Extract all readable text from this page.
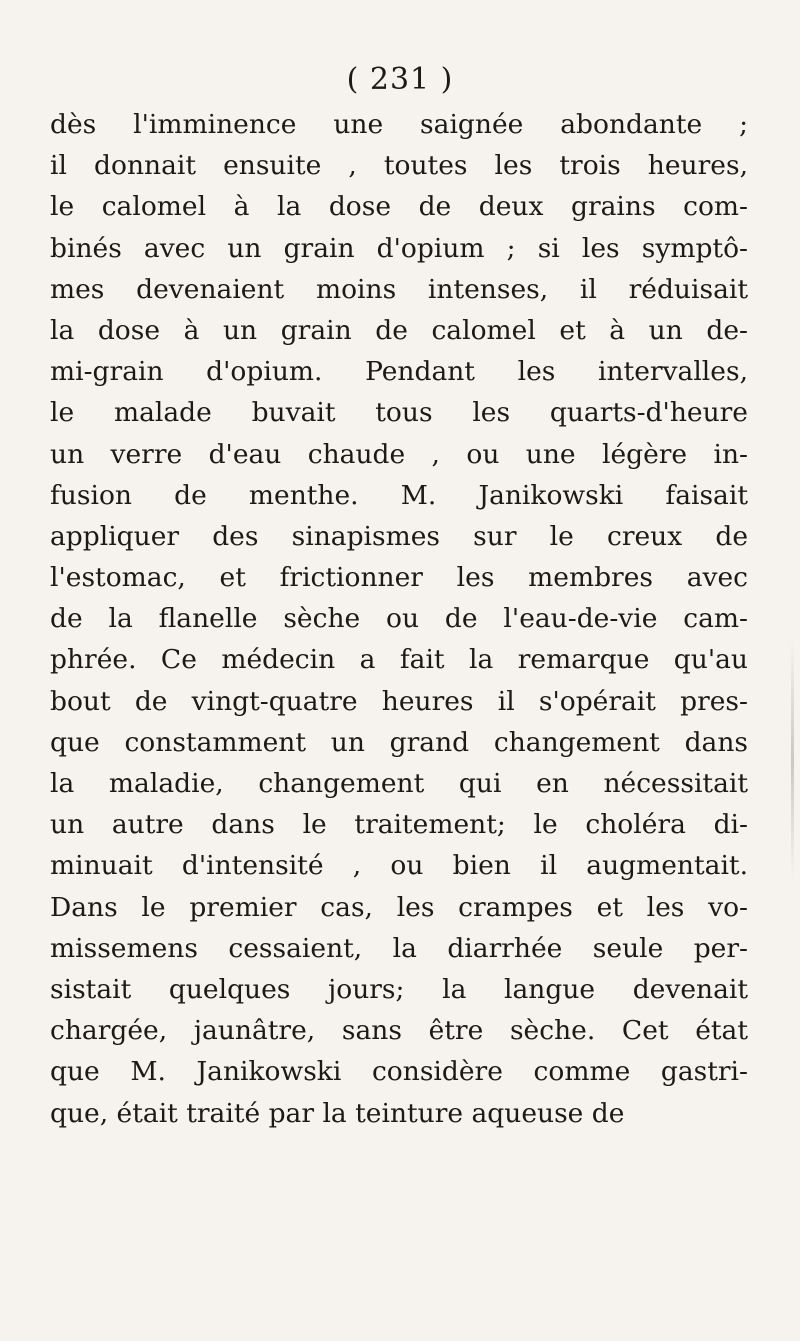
( 231 )
dès l'imminence une saignée abondante ;
il donnait ensuite , toutes les trois heures,
le calomel à la dose de deux grains com-
binés avec un grain d'opium ; si les symptô-
mes devenaient moins intenses, il réduisait
la dose à un grain de calomel et à un de-
mi-grain d'opium. Pendant les intervalles,
le malade buvait tous les quarts-d'heure
un verre d'eau chaude , ou une légère in-
fusion de menthe. M. Janikowski faisait
appliquer des sinapismes sur le creux de
l'estomac, et frictionner les membres avec
de la flanelle sèche ou de l'eau-de-vie cam-
phrée. Ce médecin a fait la remarque qu'au
bout de vingt-quatre heures il s'opérait pres-
que constamment un grand changement dans
la maladie, changement qui en nécessitait
un autre dans le traitement; le choléra di-
minuait d'intensité , ou bien il augmentait.
Dans le premier cas, les crampes et les vo-
missemens cessaient, la diarrhée seule per-
sistait quelques jours; la langue devenait
chargée, jaunâtre, sans être sèche. Cet état
que M. Janikowski considère comme gastri-
que, était traité par la teinture aqueuse de
